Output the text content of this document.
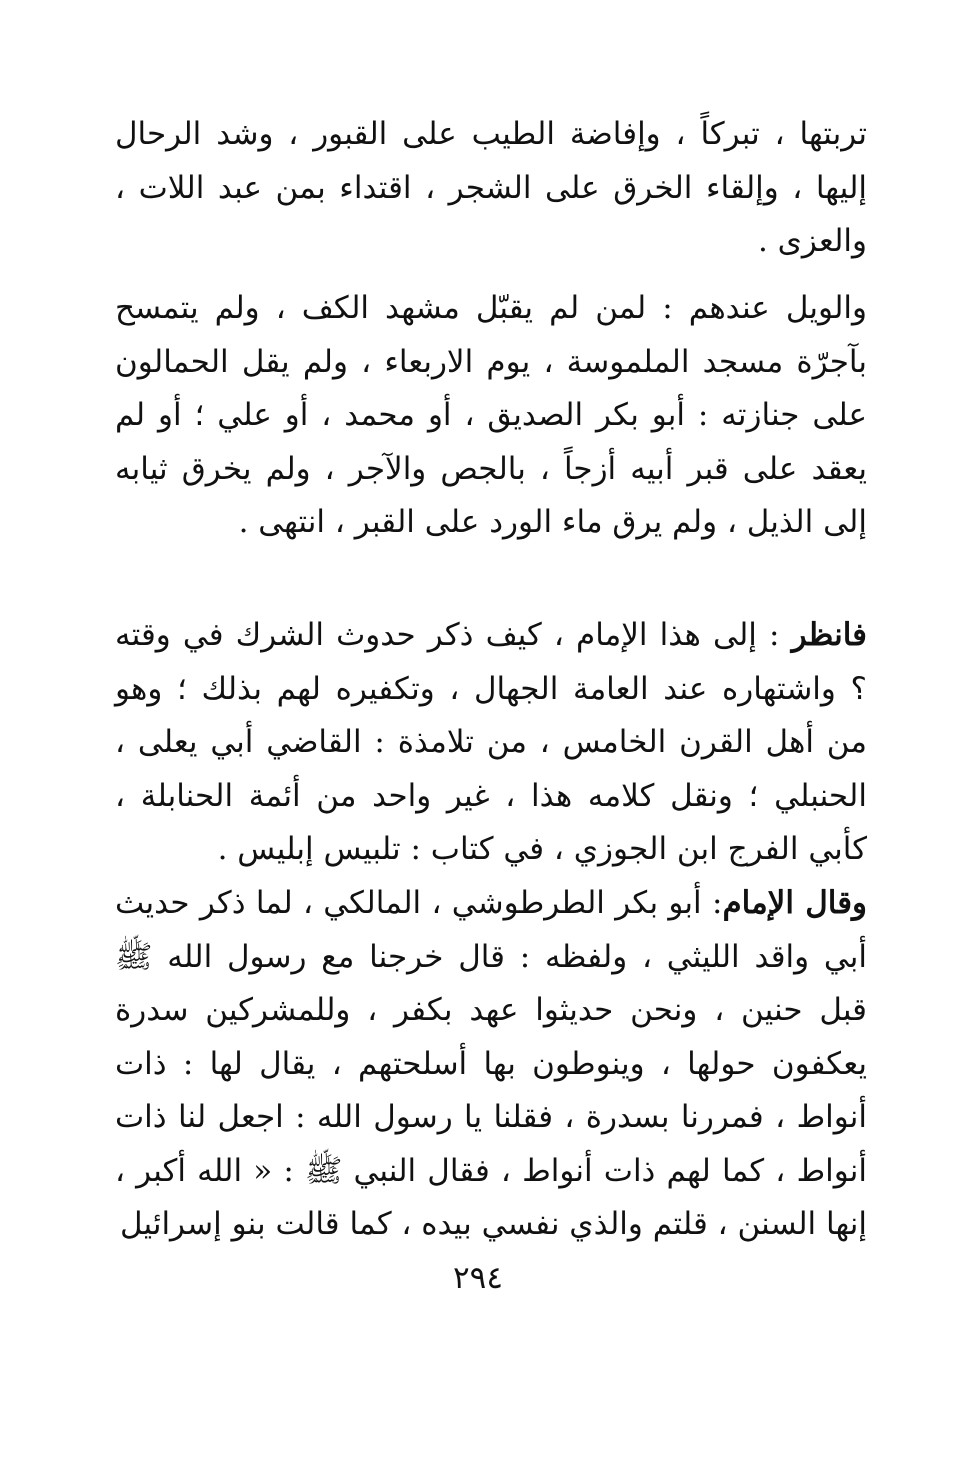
تربتها ، تبركاً ، وإفاضة الطيب على القبور ، وشد الرحال إليها ، وإلقاء الخرق على الشجر ، اقتداء بمن عبد اللات ، والعزى .

والويل عندهم : لمن لم يقبّل مشهد الكف ، ولم يتمسح بآجرّة مسجد الملموسة ، يوم الاربعاء ، ولم يقل الحمالون على جنازته : أبو بكر الصديق ، أو محمد ، أو علي ؛ أو لم يعقد على قبر أبيه أزجاً ، بالجص والآجر ، ولم يخرق ثيابه إلى الذيل ، ولم يرق ماء الورد على القبر ، انتهى .

فانظر : إلى هذا الإمام ، كيف ذكر حدوث الشرك في وقته ؟ واشتهاره عند العامة الجهال ، وتكفيره لهم بذلك ؛ وهو من أهل القرن الخامس ، من تلامذة : القاضي أبي يعلى ، الحنبلي ؛ ونقل كلامه هذا ، غير واحد من أئمة الحنابلة ، كأبي الفرج ابن الجوزي ، في كتاب : تلبيس إبليس .

وقال الإمام: أبو بكر الطرطوشي ، المالكي ، لما ذكر حديث أبي واقد الليثي ، ولفظه : قال خرجنا مع رسول الله ﷺ قبل حنين ، ونحن حديثوا عهد بكفر ، وللمشركين سدرة يعكفون حولها ، وينوطون بها أسلحتهم ، يقال لها : ذات أنواط ، فمررنا بسدرة ، فقلنا يا رسول الله : اجعل لنا ذات أنواط ، كما لهم ذات أنواط ، فقال النبي ﷺ : « الله أكبر ، إنها السنن ، قلتم والذي نفسي بيده ، كما قالت بنو إسرائيل

٢٩٤
